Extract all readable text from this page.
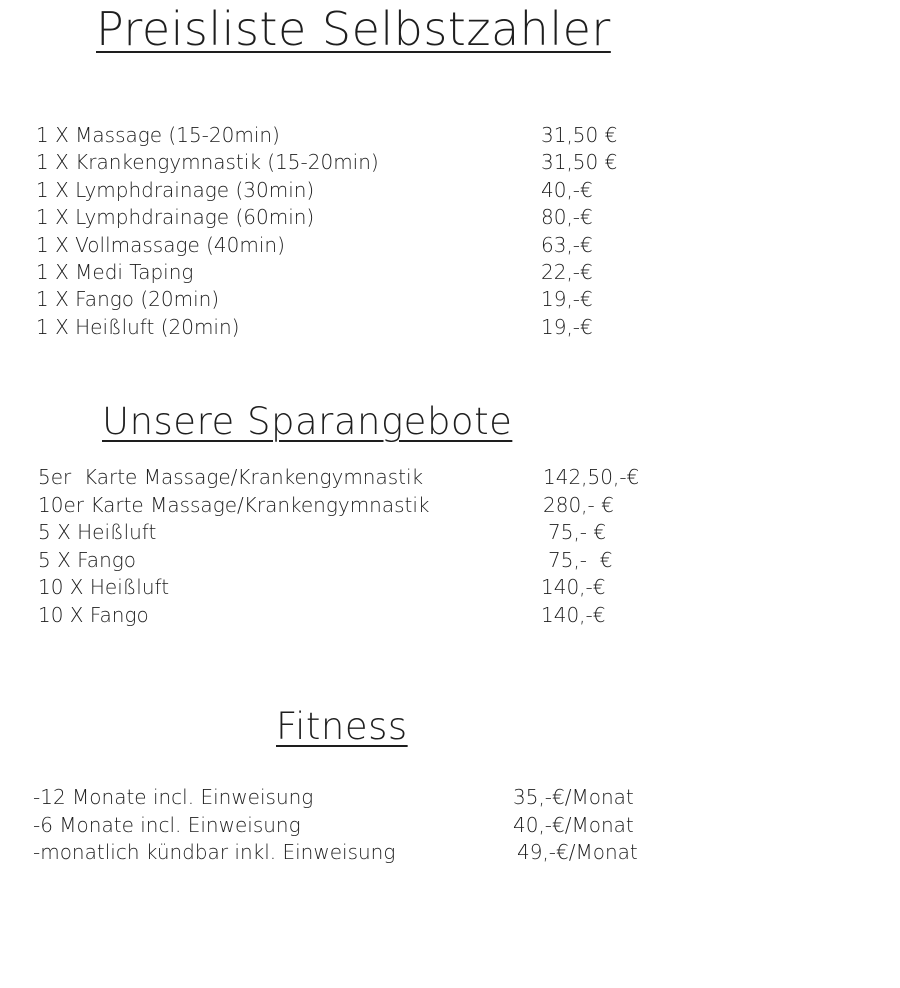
Preisliste Selbstzahler
1 X Massage (15-20min)	31,50 €
1 X Krankengymnastik (15-20min)	31,50 €
1 X Lymphdrainage (30min)	40,-€
1 X Lymphdrainage (60min)	80,-€
1 X Vollmassage (40min)	63,-€
1 X Medi Taping	22,-€
1 X Fango (20min)	19,-€
1 X Heißluft (20min)	19,-€
Unsere Sparangebote
5er  Karte Massage/Krankengymnastik	142,50,-€
10er Karte Massage/Krankengymnastik	280,- €
5 X Heißluft	75,- €
5 X Fango	75,-  €
10 X Heißluft	140,-€
10 X Fango	140,-€
Fitness
-12 Monate incl. Einweisung	35,-€/Monat
-6 Monate incl. Einweisung	40,-€/Monat
-monatlich kündbar inkl. Einweisung	49,-€/Monat
